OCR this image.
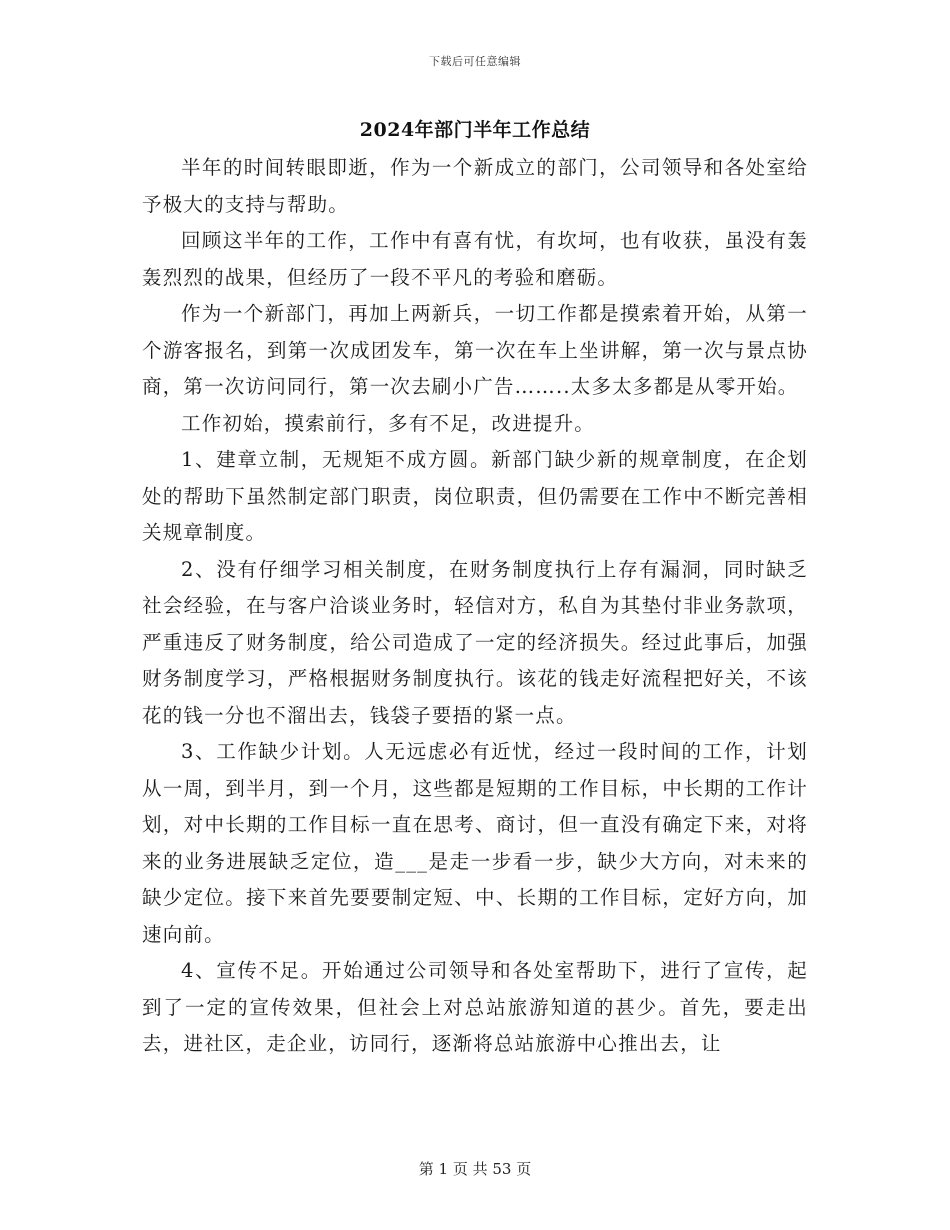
下载后可任意编辑
2024年部门半年工作总结

半年的时间转眼即逝，作为一个新成立的部门，公司领导和各处室给予极大的支持与帮助。

回顾这半年的工作，工作中有喜有忧，有坎坷，也有收获，虽没有轰轰烈烈的战果，但经历了一段不平凡的考验和磨砺。

作为一个新部门，再加上两新兵，一切工作都是摸索着开始，从第一个游客报名，到第一次成团发车，第一次在车上坐讲解，第一次与景点协商，第一次访问同行，第一次去刷小广告……..太多太多都是从零开始。

工作初始，摸索前行，多有不足，改进提升。

1、建章立制，无规矩不成方圆。新部门缺少新的规章制度，在企划处的帮助下虽然制定部门职责，岗位职责，但仍需要在工作中不断完善相关规章制度。

2、没有仔细学习相关制度，在财务制度执行上存有漏洞，同时缺乏社会经验，在与客户洽谈业务时，轻信对方，私自为其垫付非业务款项，严重违反了财务制度，给公司造成了一定的经济损失。经过此事后，加强财务制度学习，严格根据财务制度执行。该花的钱走好流程把好关，不该花的钱一分也不溜出去，钱袋子要捂的紧一点。

3、工作缺少计划。人无远虑必有近忧，经过一段时间的工作，计划从一周，到半月，到一个月，这些都是短期的工作目标，中长期的工作计划，对中长期的工作目标一直在思考、商讨，但一直没有确定下来，对将来的业务进展缺乏定位，造___是走一步看一步，缺少大方向，对未来的缺少定位。接下来首先要要制定短、中、长期的工作目标，定好方向，加速向前。

4、宣传不足。开始通过公司领导和各处室帮助下，进行了宣传，起到了一定的宣传效果，但社会上对总站旅游知道的甚少。首先，要走出去，进社区，走企业，访同行，逐渐将总站旅游中心推出去，让

第 1 页 共 53 页
